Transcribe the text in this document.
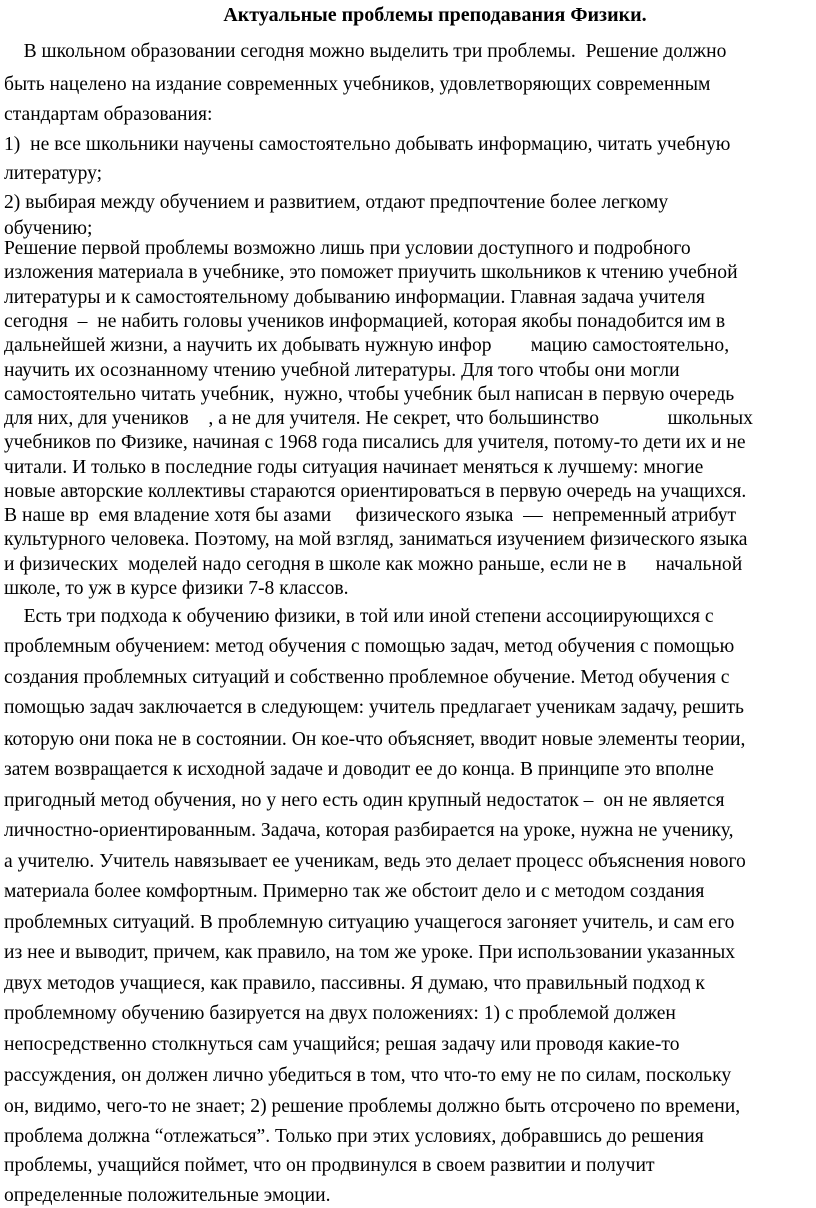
Актуальные проблемы преподавания Физики.
В школьном образовании сегодня можно выделить три проблемы.  Решение должно
быть нацелено на издание современных учебников, удовлетворяющих современным
стандартам образования:
1)  не все школьники научены самостоятельно добывать информацию, читать учебную
литературу;
2) выбирая между обучением и развитием, отдают предпочтение более легкому
обучению;
Решение первой проблемы возможно лишь при условии доступного и подробного
изложения материала в учебнике, это поможет приучить школьников к чтению учебной
литературы и к самостоятельному добыванию информации. Главная задача учителя
сегодня  –  не набить головы учеников информацией, которая якобы понадобится им в
дальнейшей жизни, а научить их добывать нужную инфор        мацию самостоятельно,
научить их осознанному чтению учебной литературы. Для того чтобы они могли
самостоятельно читать учебник,  нужно, чтобы учебник был написан в первую очередь
для них, для учеников    , а не для учителя. Не секрет, что большинство              школьных
учебников по Физике, начиная с 1968 года писались для учителя, потому-то дети их и не
читали. И только в последние годы ситуация начинает меняться к лучшему: многие
новые авторские коллективы стараются ориентироваться в первую очередь на учащихся.
В наше вр  емя владение хотя бы азами     физического языка  —  непременный атрибут
культурного человека. Поэтому, на мой взгляд, заниматься изучением физического языка
и физических  моделей надо сегодня в школе как можно раньше, если не в      начальной
школе, то уж в курсе физики 7-8 классов.
Есть три подхода к обучению физики, в той или иной степени ассоциирующихся с
проблемным обучением: метод обучения с помощью задач, метод обучения с помощью
создания проблемных ситуаций и собственно проблемное обучение. Метод обучения с
помощью задач заключается в следующем: учитель предлагает ученикам задачу, решить
которую они пока не в состоянии. Он кое-что объясняет, вводит новые элементы теории,
затем возвращается к исходной задаче и доводит ее до конца. В принципе это вполне
пригодный метод обучения, но у него есть один крупный недостаток –  он не является
личностно-ориентированным. Задача, которая разбирается на уроке, нужна не ученику,
а учителю. Учитель навязывает ее ученикам, ведь это делает процесс объяснения нового
материала более комфортным. Примерно так же обстоит дело и с методом создания
проблемных ситуаций. В проблемную ситуацию учащегося загоняет учитель, и сам его
из нее и выводит, причем, как правило, на том же уроке. При использовании указанных
двух методов учащиеся, как правило, пассивны. Я думаю, что правильный подход к
проблемному обучению базируется на двух положениях: 1) с проблемой должен
непосредственно столкнуться сам учащийся; решая задачу или проводя какие-то
рассуждения, он должен лично убедиться в том, что что-то ему не по силам, поскольку
он, видимо, чего-то не знает; 2) решение проблемы должно быть отсрочено по времени,
проблема должна “отлежаться”. Только при этих условиях, добравшись до решения
проблемы, учащийся поймет, что он продвинулся в своем развитии и получит
определенные положительные эмоции.
